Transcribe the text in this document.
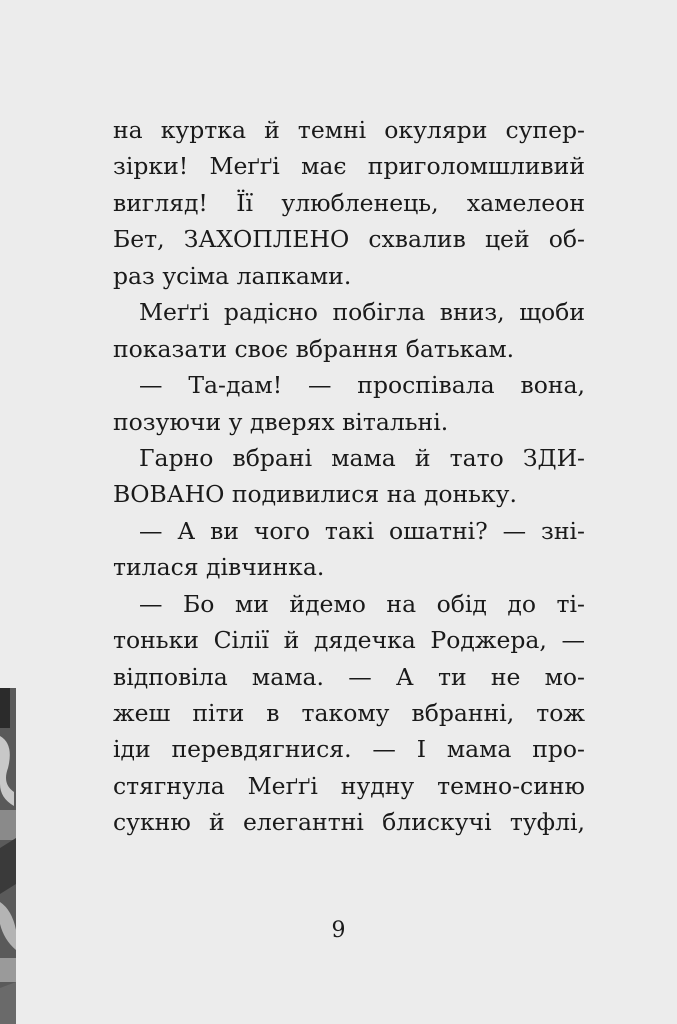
на куртка й темні окуляри супер-
зірки! Меґґі має приголомшливий
вигляд! Її улюбленець, хамелеон
Бет, ЗАХОПЛЕНО схвалив цей об-
раз усіма лапками.
Меґґі радісно побігла вниз, щоби
показати своє вбрання батькам.
— Та-дам! — проспівала вона,
позуючи у дверях вітальні.
Гарно вбрані мама й тато ЗДИ-
ВОВАНО подивилися на доньку.
— А ви чого такі ошатні? — зні-
тилася дівчинка.
— Бо ми йдемо на обід до ті-
тоньки Сілії й дядечка Роджера, —
відповіла мама. — А ти не мо-
жеш піти в такому вбранні, тож
іди перевдягнися. — І мама про-
стягнула Меґґі нудну темно-синю
сукню й елегантні блискучі туфлі,
9
